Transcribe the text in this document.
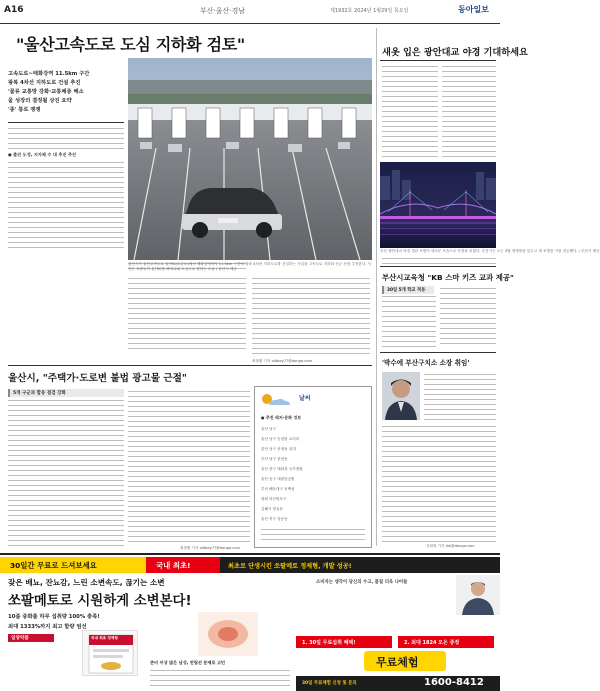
A16	부산·울산·경남	제1932호 2024년 1월29일 목요일	동아일보
"울산고속도로 도심 지하화 검토"
고속도로~태화강역 11.5km 구간
왕복 4차선 지하도로 건설 추진
'물류 교통망 강화·교통체증 해소
울 성장의 결정될 상진 요약
'종' 통로 쟁쟁
● 출진 도정, 지자체 수 대 추진 추진
울산시가 울산고속도로 울산IC(요금소)에서 태화강역까지 11.5km 구간에 왕복 4차선 지하도로를 건설하는 사업을 고속도로 지하화 신규 선정 추진한다. 사진은 차량들이 울산IC를 빠져나와 도심으로 향하는 모습 / 울산시 제공
최창환 기자 oldbay77@donga.com
울산시, "주택가·도로변 불법 광고물 근절"
5개 구군과 합동 점검 강화
최창환 기자 oldbay77@donga.com
날씨
● 추천 레저·문화 정보
울산 남구
울산 남구 공업탑 로터리
울산 남구 신정동 일대
부산 남구 문현동
울산 중구 태화강 국가정원
울산 동구 대왕암공원
부산 해운대구 동백섬
창원 마산합포구
김해시 장유동
울산 북구 강동동
새옷 입은 광안대교 야경 기대하세요
부산 광안대교 야경 경관 조명이 새로운 모습으로 단장을 마쳤다. 부산시는 오는 3월 재개장을 앞두고 새 조명을 시험 점등했다. / 부산시 제공
부산시교육청 "KB 스마 키즈 교과 제공"
30일 5개 학교 적용
'박수에 부산구치소 소장 취임'
김화영 기자 jhk@donga.com
30일간 무료로 드셔보세요	국내 최초!	최초로 단생시킨 쏘팔메토 정제형, 개발 성공!
잦은 배뇨, 잔뇨감, 느린 소변속도, 끊기는 소변
쏘팔메토로 시원하게 소변본다!
소비자는 생각이 당신의 수고, 품질 더욱 나아들
10좀 중화를 하루 섭취량 100% 충족!
최대 1333%까지 최고 함량 엄선
일양약품	국내 최초 정제형
준비 이상 많은 남성, 전립선 문제로 고민
1. 30일 무료섭취 혜택!	2. 최대 1824 모은 증정
무료체험
30일 무료체험 신청 및 문의	1600-8412
